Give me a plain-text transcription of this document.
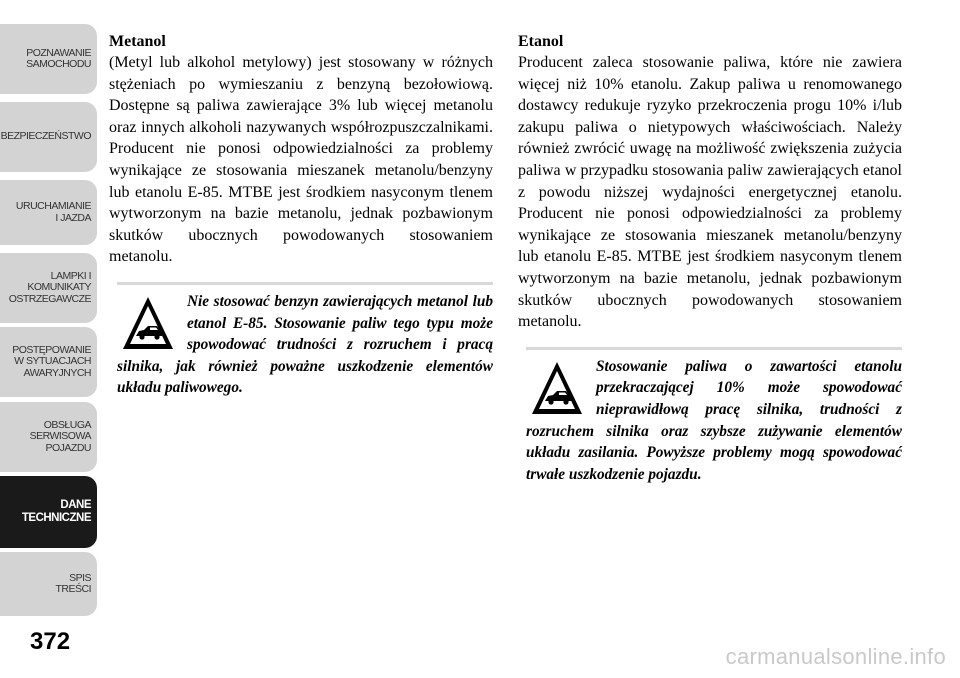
POZNAWANIE
SAMOCHODU
BEZPIECZEŃSTWO
URUCHAMIANIE
I JAZDA
LAMPKI I
KOMUNIKATY
OSTRZEGAWCZE
POSTĘPOWANIE
W SYTUACJACH
AWARYJNYCH
OBSŁUGA
SERWISOWA
POJAZDU
DANE
TECHNICZNE
SPIS
TREŚCI
372

Metanol

(Metyl lub alkohol metylowy) jest stosowany w różnych stężeniach po wymieszaniu z benzyną bezołowiową. Dostępne są paliwa zawierające 3% lub więcej metanolu oraz innych alkoholi nazywanych współrozpuszczalnikami. Producent nie ponosi odpowiedzialności za problemy wynikające ze stosowania mieszanek metanolu/benzyny lub etanolu E-85. MTBE jest środkiem nasyconym tlenem wytworzonym na bazie metanolu, jednak pozbawionym skutków ubocznych powodowanych stosowaniem metanolu.

Nie stosować benzyn zawierających metanol lub etanol E-85. Stosowanie paliw tego typu może spowodować trudności z rozruchem i pracą silnika, jak również poważne uszkodzenie elementów układu paliwowego.

Etanol

Producent zaleca stosowanie paliwa, które nie zawiera więcej niż 10% etanolu. Zakup paliwa u renomowanego dostawcy redukuje ryzyko przekroczenia progu 10% i/lub zakupu paliwa o nietypowych właściwościach. Należy również zwrócić uwagę na możliwość zwiększenia zużycia paliwa w przypadku stosowania paliw zawierających etanol z powodu niższej wydajności energetycznej etanolu. Producent nie ponosi odpowiedzialności za problemy wynikające ze stosowania mieszanek metanolu/benzyny lub etanolu E-85. MTBE jest środkiem nasyconym tlenem wytworzonym na bazie metanolu, jednak pozbawionym skutków ubocznych powodowanych stosowaniem metanolu.

Stosowanie paliwa o zawartości etanolu przekraczającej 10% może spowodować nieprawidłową pracę silnika, trudności z rozruchem silnika oraz szybsze zużywanie elementów układu zasilania. Powyższe problemy mogą spowodować trwałe uszkodzenie pojazdu.
carmanualsonline.info
